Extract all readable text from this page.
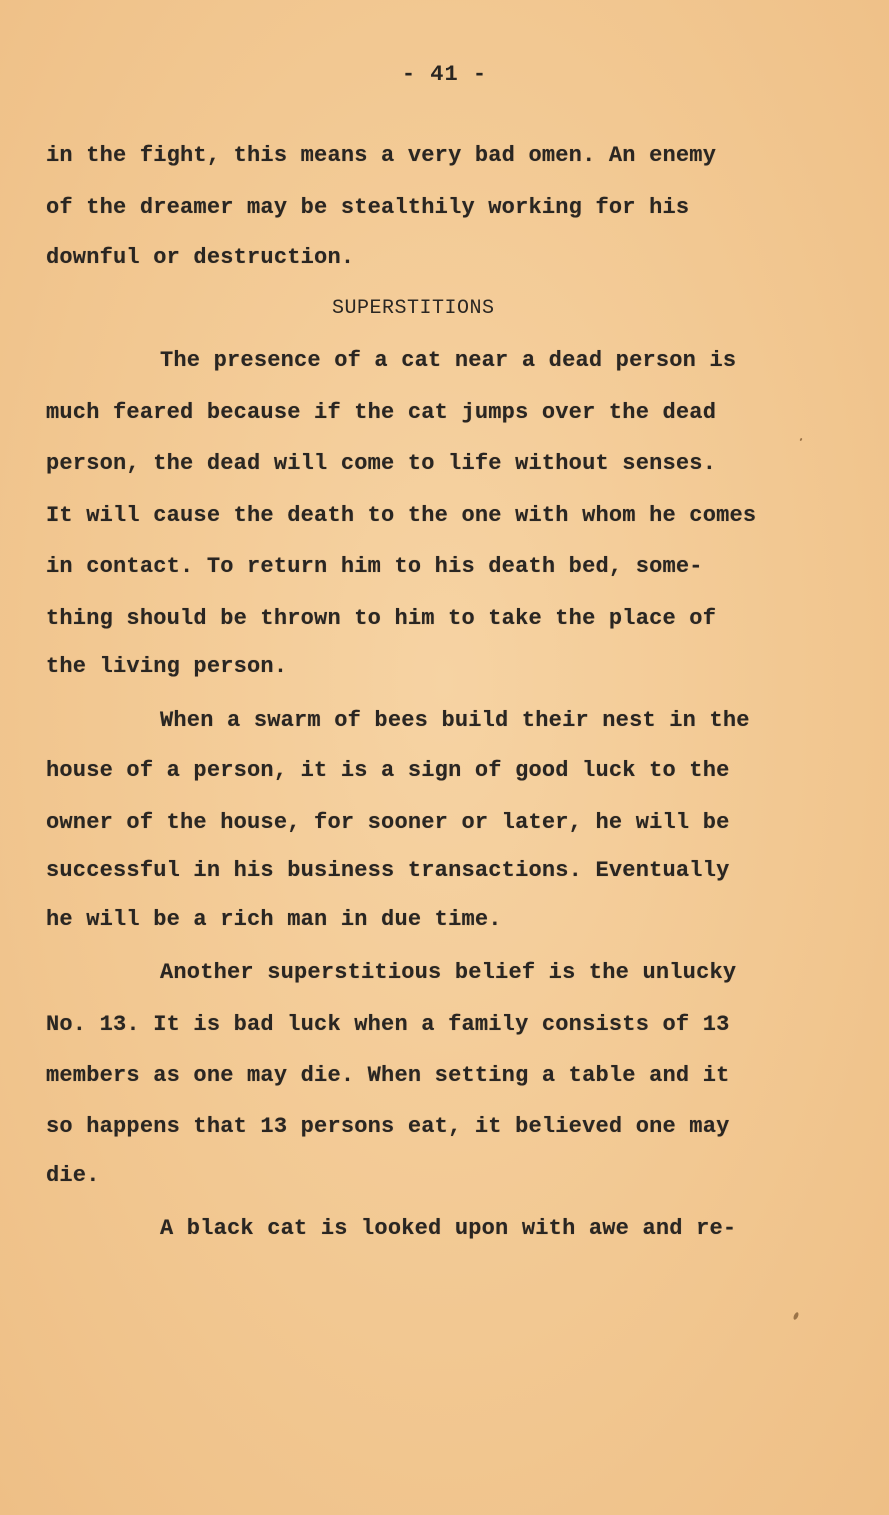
- 41 -
in the fight, this means a very bad omen. An enemy
of the dreamer may be stealthily working for his
downful or destruction.
SUPERSTITIONS
The presence of a cat near a dead person is
much feared because if the cat jumps over the dead
person, the dead will come to life without senses.
It will cause the death to the one with whom he comes
in contact. To return him to his death bed, some-
thing should be thrown to him to take the place of
the living person.
When a swarm of bees build their nest in the
house of a person, it is a sign of good luck to the
owner of the house, for sooner or later, he will be
successful in his business transactions. Eventually
he will be a rich man in due time.
Another superstitious belief is the unlucky
No. 13. It is bad luck when a family consists of 13
members as one may die. When setting a table and it
so happens that 13 persons eat, it believed one may
die.
A black cat is looked upon with awe and re-
